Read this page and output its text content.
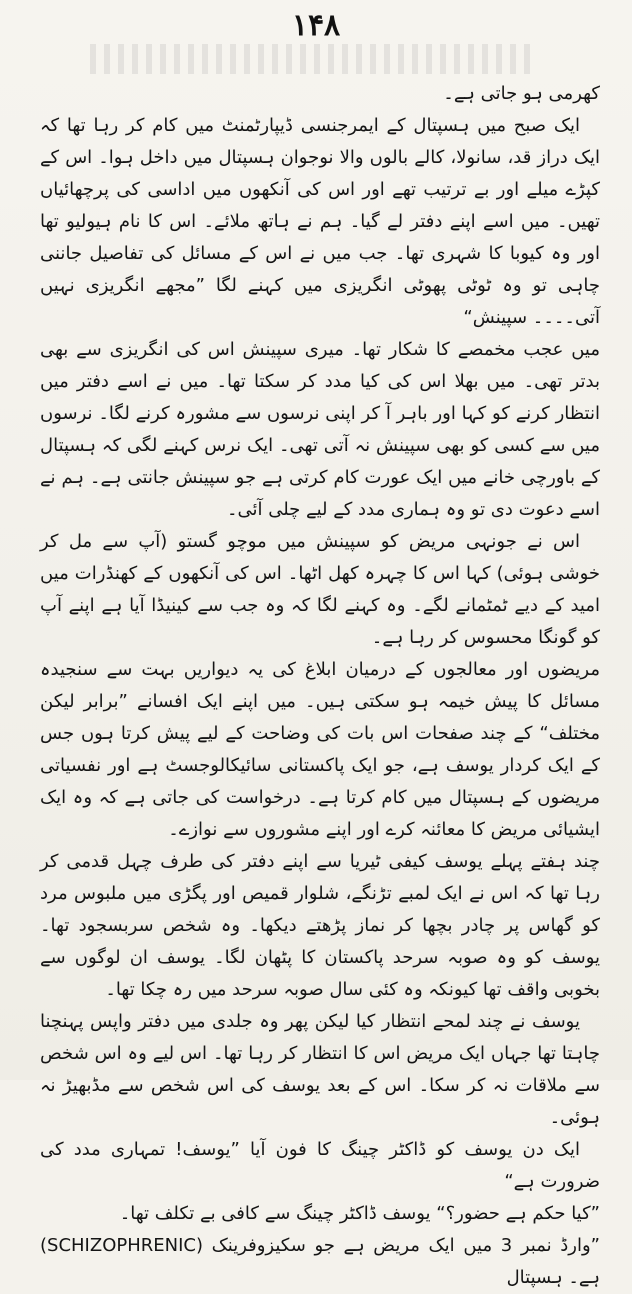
۱۴۸

کھرمی ہو جاتی ہے۔

ایک صبح میں ہسپتال کے ایمرجنسی ڈیپارٹمنٹ میں کام کر رہا تھا کہ ایک دراز قد، سانولا، کالے بالوں والا نوجوان ہسپتال میں داخل ہوا۔ اس کے کپڑے میلے اور بے ترتیب تھے اور اس کی آنکھوں میں اداسی کی پرچھائیاں تھیں۔ میں اسے اپنے دفتر لے گیا۔ ہم نے ہاتھ ملائے۔ اس کا نام ہیولیو تھا اور وہ کیوبا کا شہری تھا۔ جب میں نے اس کے مسائل کی تفاصیل جاننی چاہی تو وہ ٹوٹی پھوٹی انگریزی میں کہنے لگا ”مجھے انگریزی نہیں آتی۔۔۔۔ سپینش“

میں عجب مخمصے کا شکار تھا۔ میری سپینش اس کی انگریزی سے بھی بدتر تھی۔ میں بھلا اس کی کیا مدد کر سکتا تھا۔ میں نے اسے دفتر میں انتظار کرنے کو کہا اور باہر آ کر اپنی نرسوں سے مشورہ کرنے لگا۔ نرسوں میں سے کسی کو بھی سپینش نہ آتی تھی۔ ایک نرس کہنے لگی کہ ہسپتال کے باورچی خانے میں ایک عورت کام کرتی ہے جو سپینش جانتی ہے۔ ہم نے اسے دعوت دی تو وہ ہماری مدد کے لیے چلی آئی۔

اس نے جونہی مریض کو سپینش میں موچو گستو (آپ سے مل کر خوشی ہوئی) کہا اس کا چہرہ کھل اٹھا۔ اس کی آنکھوں کے کھنڈرات میں امید کے دیے ٹمٹمانے لگے۔ وہ کہنے لگا کہ وہ جب سے کینیڈا آیا ہے اپنے آپ کو گونگا محسوس کر رہا ہے۔

مریضوں اور معالجوں کے درمیان ابلاغ کی یہ دیواریں بہت سے سنجیدہ مسائل کا پیش خیمہ ہو سکتی ہیں۔ میں اپنے ایک افسانے ”برابر لیکن مختلف“ کے چند صفحات اس بات کی وضاحت کے لیے پیش کرتا ہوں جس کے ایک کردار یوسف ہے، جو ایک پاکستانی سائیکالوجسٹ ہے اور نفسیاتی مریضوں کے ہسپتال میں کام کرتا ہے۔ درخواست کی جاتی ہے کہ وہ ایک ایشیائی مریض کا معائنہ کرے اور اپنے مشوروں سے نوازے۔

چند ہفتے پہلے یوسف کیفی ٹیریا سے اپنے دفتر کی طرف چہل قدمی کر رہا تھا کہ اس نے ایک لمبے تڑنگے، شلوار قمیص اور پگڑی میں ملبوس مرد کو گھاس پر چادر بچھا کر نماز پڑھتے دیکھا۔ وہ شخص سربسجود تھا۔ یوسف کو وہ صوبہ سرحد پاکستان کا پٹھان لگا۔ یوسف ان لوگوں سے بخوبی واقف تھا کیونکہ وہ کئی سال صوبہ سرحد میں رہ چکا تھا۔

یوسف نے چند لمحے انتظار کیا لیکن پھر وہ جلدی میں دفتر واپس پہنچنا چاہتا تھا جہاں ایک مریض اس کا انتظار کر رہا تھا۔ اس لیے وہ اس شخص سے ملاقات نہ کر سکا۔ اس کے بعد یوسف کی اس شخص سے مڈبھیڑ نہ ہوئی۔

ایک دن یوسف کو ڈاکٹر چینگ کا فون آیا ”یوسف! تمہاری مدد کی ضرورت ہے“

”کیا حکم ہے حضور؟“ یوسف ڈاکٹر چینگ سے کافی بے تکلف تھا۔

”وارڈ نمبر 3 میں ایک مریض ہے جو سکیزوفرینک (SCHIZOPHRENIC) ہے۔ ہسپتال
